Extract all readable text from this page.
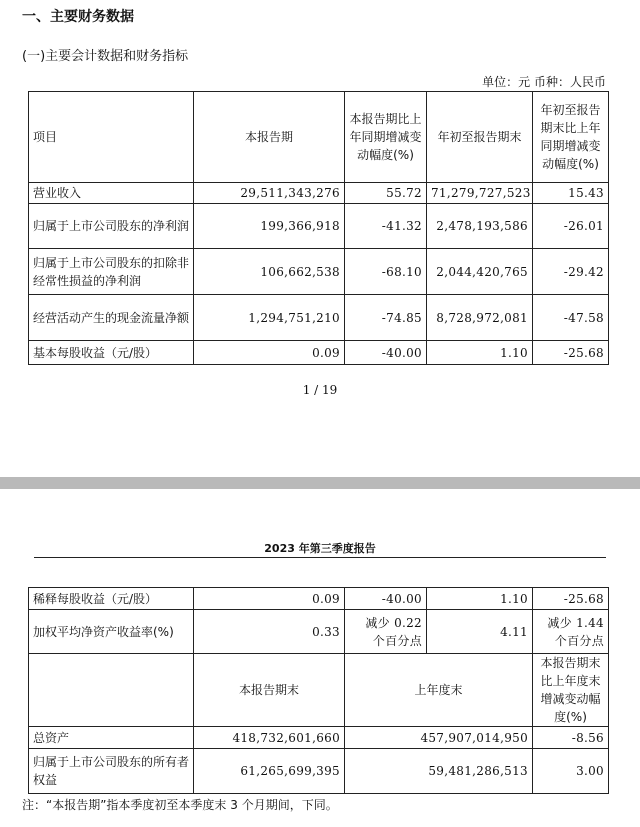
一、主要财务数据
(一)主要会计数据和财务指标
单位：元 币种：人民币
项目	本报告期	本报告期比上年同期增减变动幅度(%)	年初至报告期末	年初至报告期末比上年同期增减变动幅度(%)
营业收入	29,511,343,276	55.72	71,279,727,523	15.43
归属于上市公司股东的净利润	199,366,918	-41.32	2,478,193,586	-26.01
归属于上市公司股东的扣除非经常性损益的净利润	106,662,538	-68.10	2,044,420,765	-29.42
经营活动产生的现金流量净额	1,294,751,210	-74.85	8,728,972,081	-47.58
基本每股收益（元/股）	0.09	-40.00	1.10	-25.68
1 / 19
2023 年第三季度报告
稀释每股收益（元/股）	0.09	-40.00	1.10	-25.68
加权平均净资产收益率(%)	0.33	减少 0.22 个百分点	4.11	减少 1.44 个百分点
	本报告期末	上年度末		本报告期末比上年度末增减变动幅度(%)
总资产	418,732,601,660	457,907,014,950		-8.56
归属于上市公司股东的所有者权益	61,265,699,395	59,481,286,513		3.00
注：“本报告期”指本季度初至本季度末 3 个月期间，下同。
